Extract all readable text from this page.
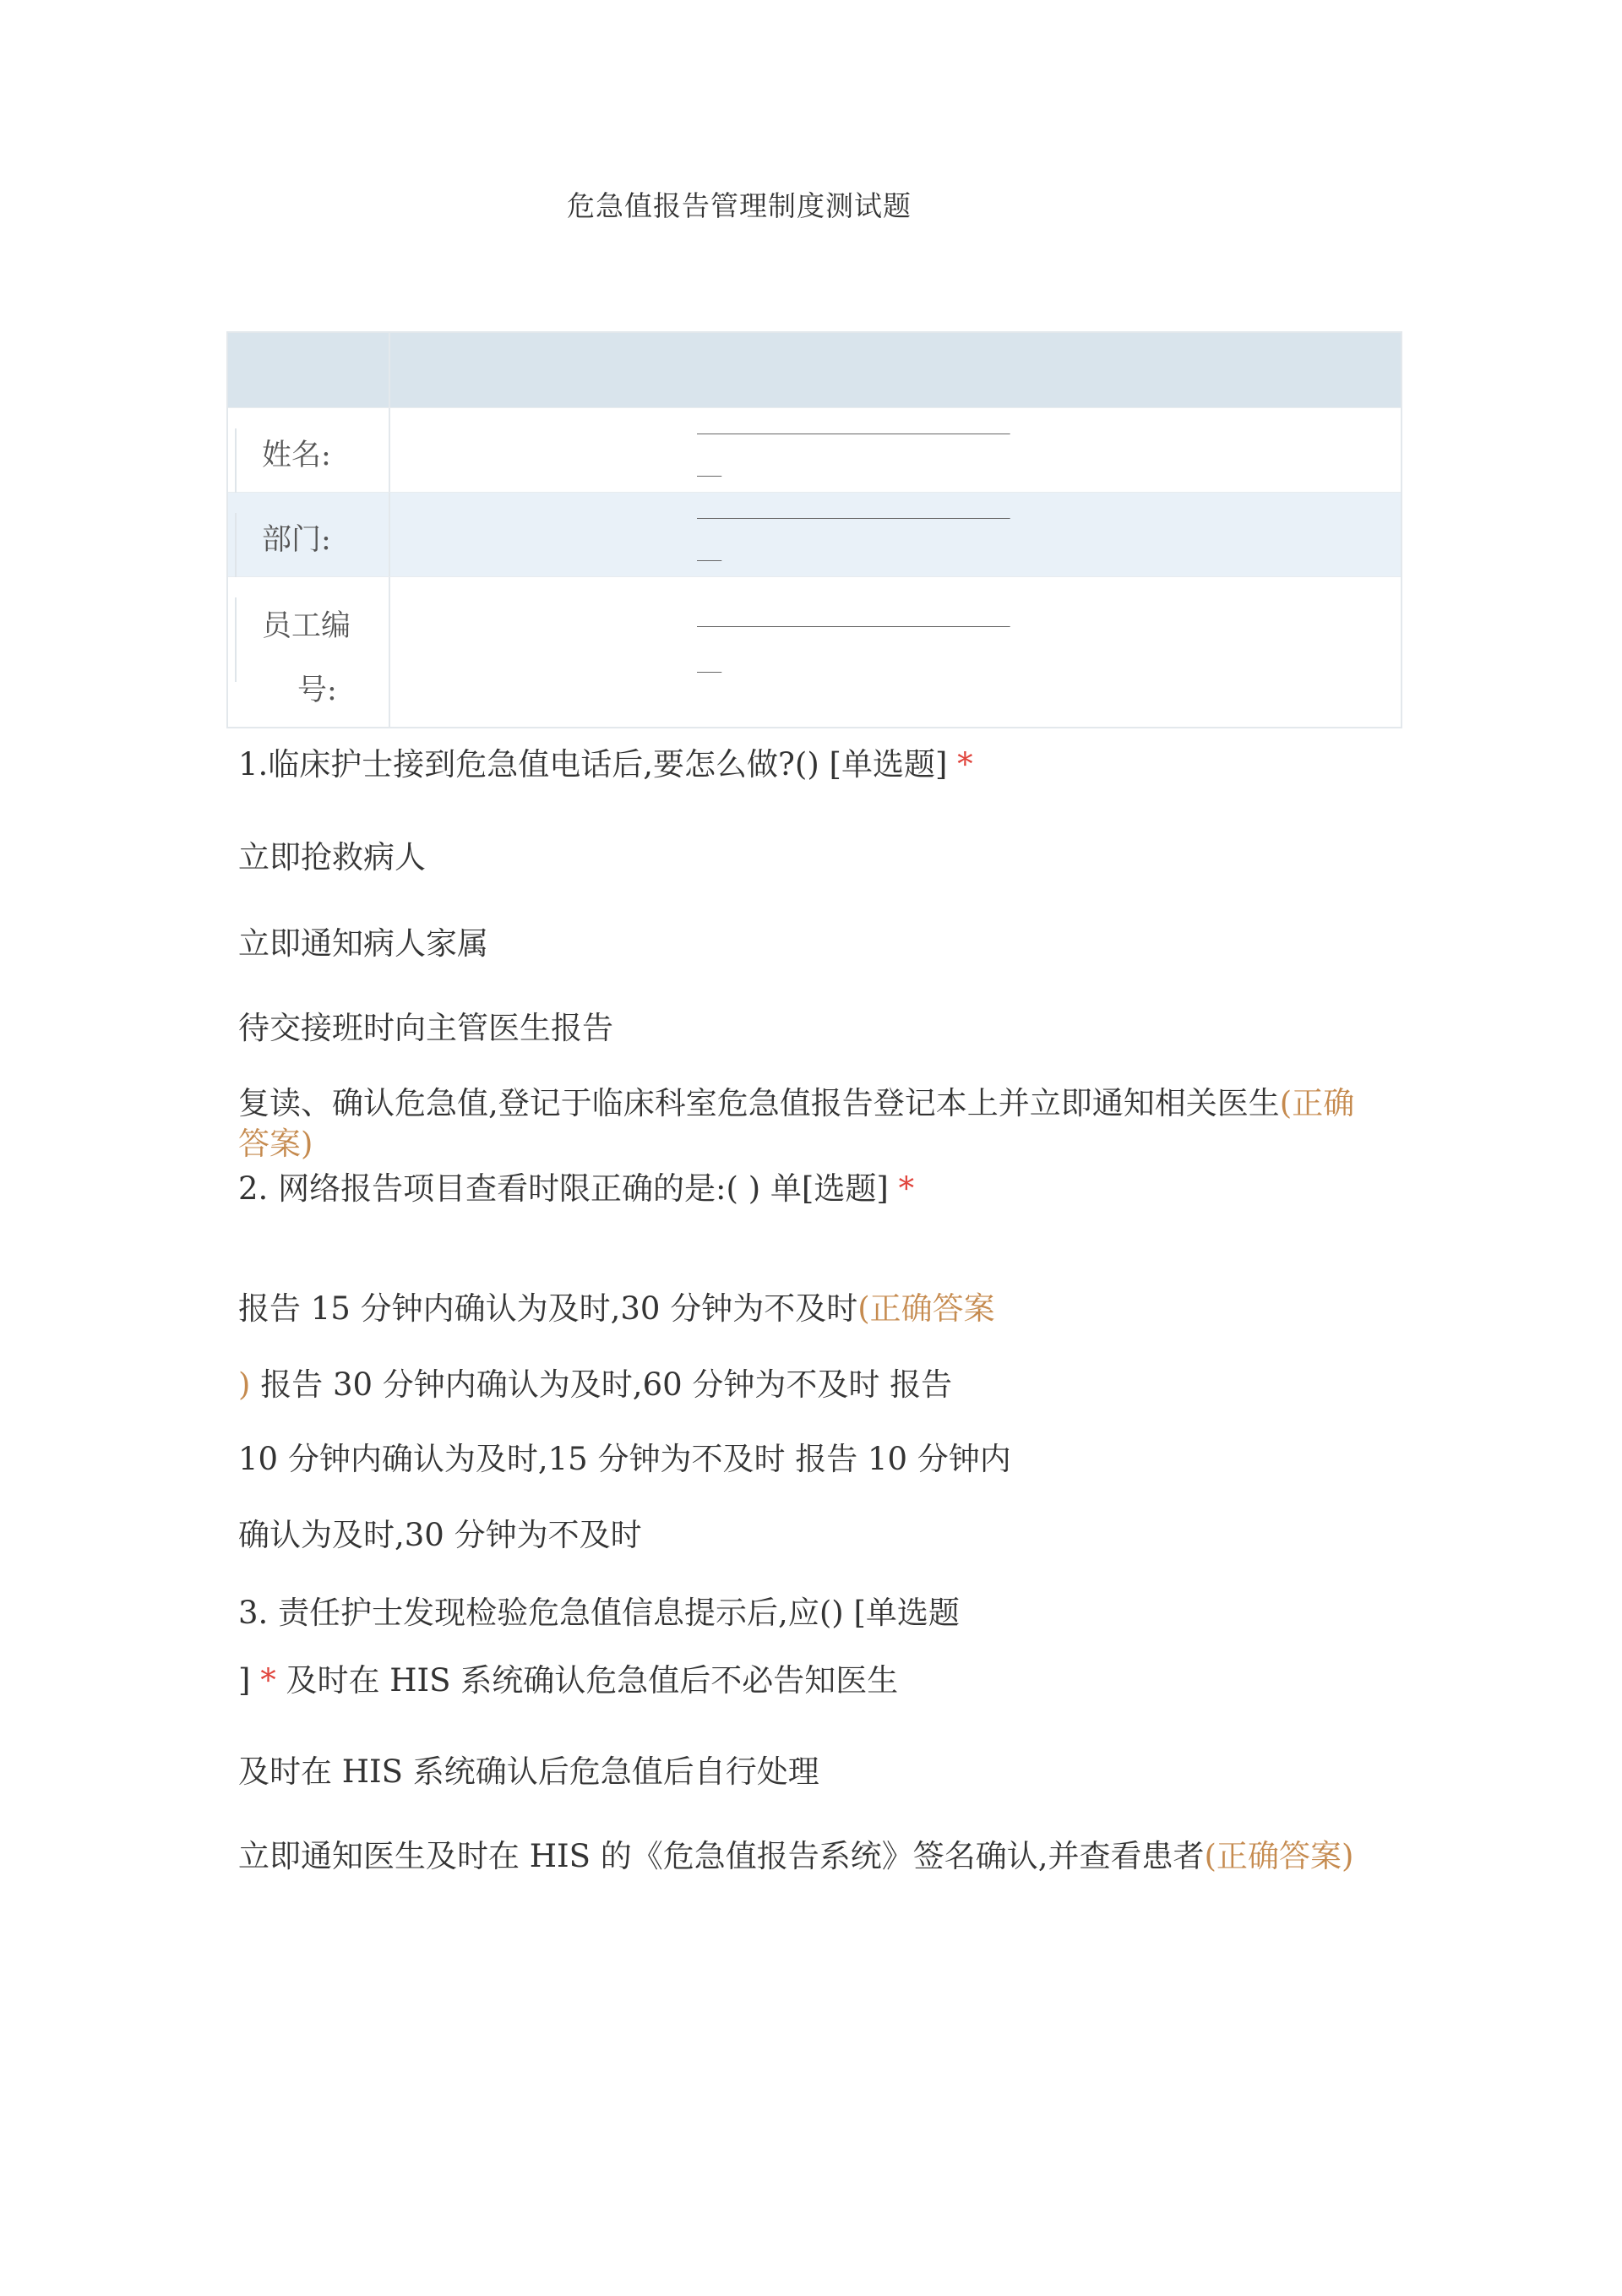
危急值报告管理制度测试题
姓名:
___________________________
__
部门:
___________________________
__
员工编
号:
___________________________
__
1.临床护士接到危急值电话后,要怎么做?() [单选题] *
立即抢救病人
立即通知病人家属
待交接班时向主管医生报告
复读、确认危急值,登记于临床科室危急值报告登记本上并立即通知相关医生(正确答案)
2. 网络报告项目查看时限正确的是:( ) 单[选题] *
报告 15 分钟内确认为及时,30 分钟为不及时(正确答案
) 报告 30 分钟内确认为及时,60 分钟为不及时 报告
10 分钟内确认为及时,15 分钟为不及时 报告 10 分钟内
确认为及时,30 分钟为不及时
3. 责任护士发现检验危急值信息提示后,应() [单选题
] * 及时在 HIS 系统确认危急值后不必告知医生
及时在 HIS 系统确认后危急值后自行处理
立即通知医生及时在 HIS 的《危急值报告系统》签名确认,并查看患者(正确答案)
